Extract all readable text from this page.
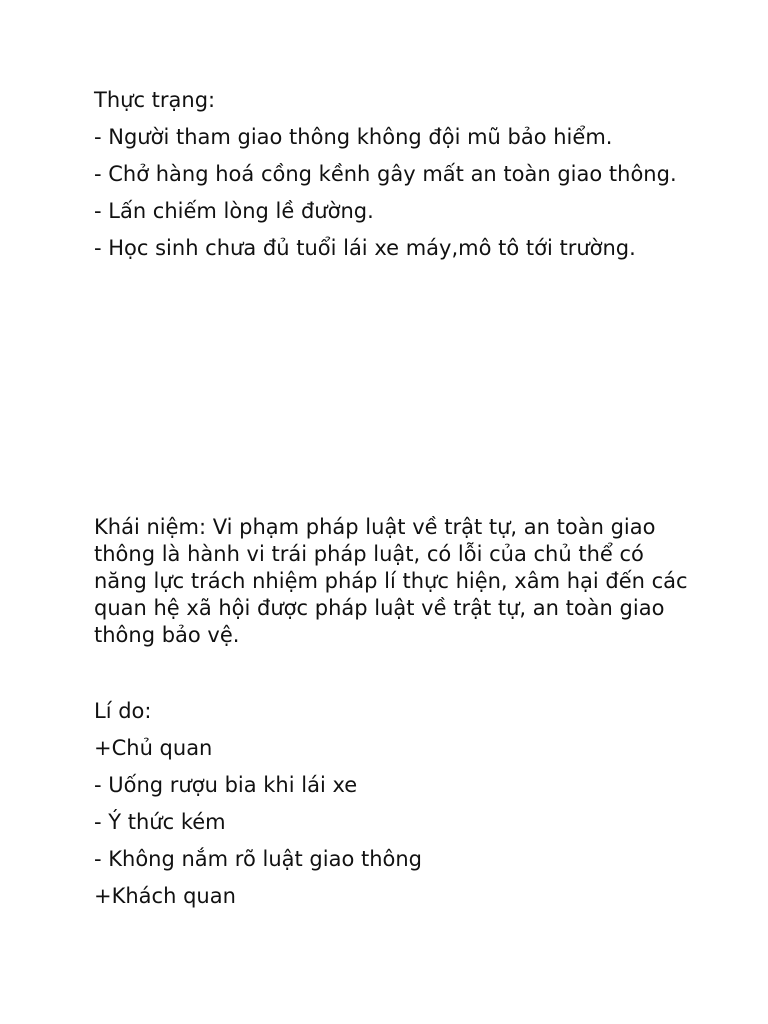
Thực trạng:

- Người tham giao thông không đội mũ bảo hiểm.

- Chở hàng hoá cồng kềnh gây mất an toàn giao thông.

- Lấn chiếm lòng lề đường.

- Học sinh chưa đủ tuổi lái xe máy,mô tô tới trường.

Khái niệm: Vi phạm pháp luật về trật tự, an toàn giao thông là hành vi trái pháp luật, có lỗi của chủ thể có năng lực trách nhiệm pháp lí thực hiện, xâm hại đến các quan hệ xã hội được pháp luật về trật tự, an toàn giao thông bảo vệ.

Lí do:

+Chủ quan

- Uống rượu bia khi lái xe

- Ý thức kém

- Không nắm rõ luật giao thông

+Khách quan
